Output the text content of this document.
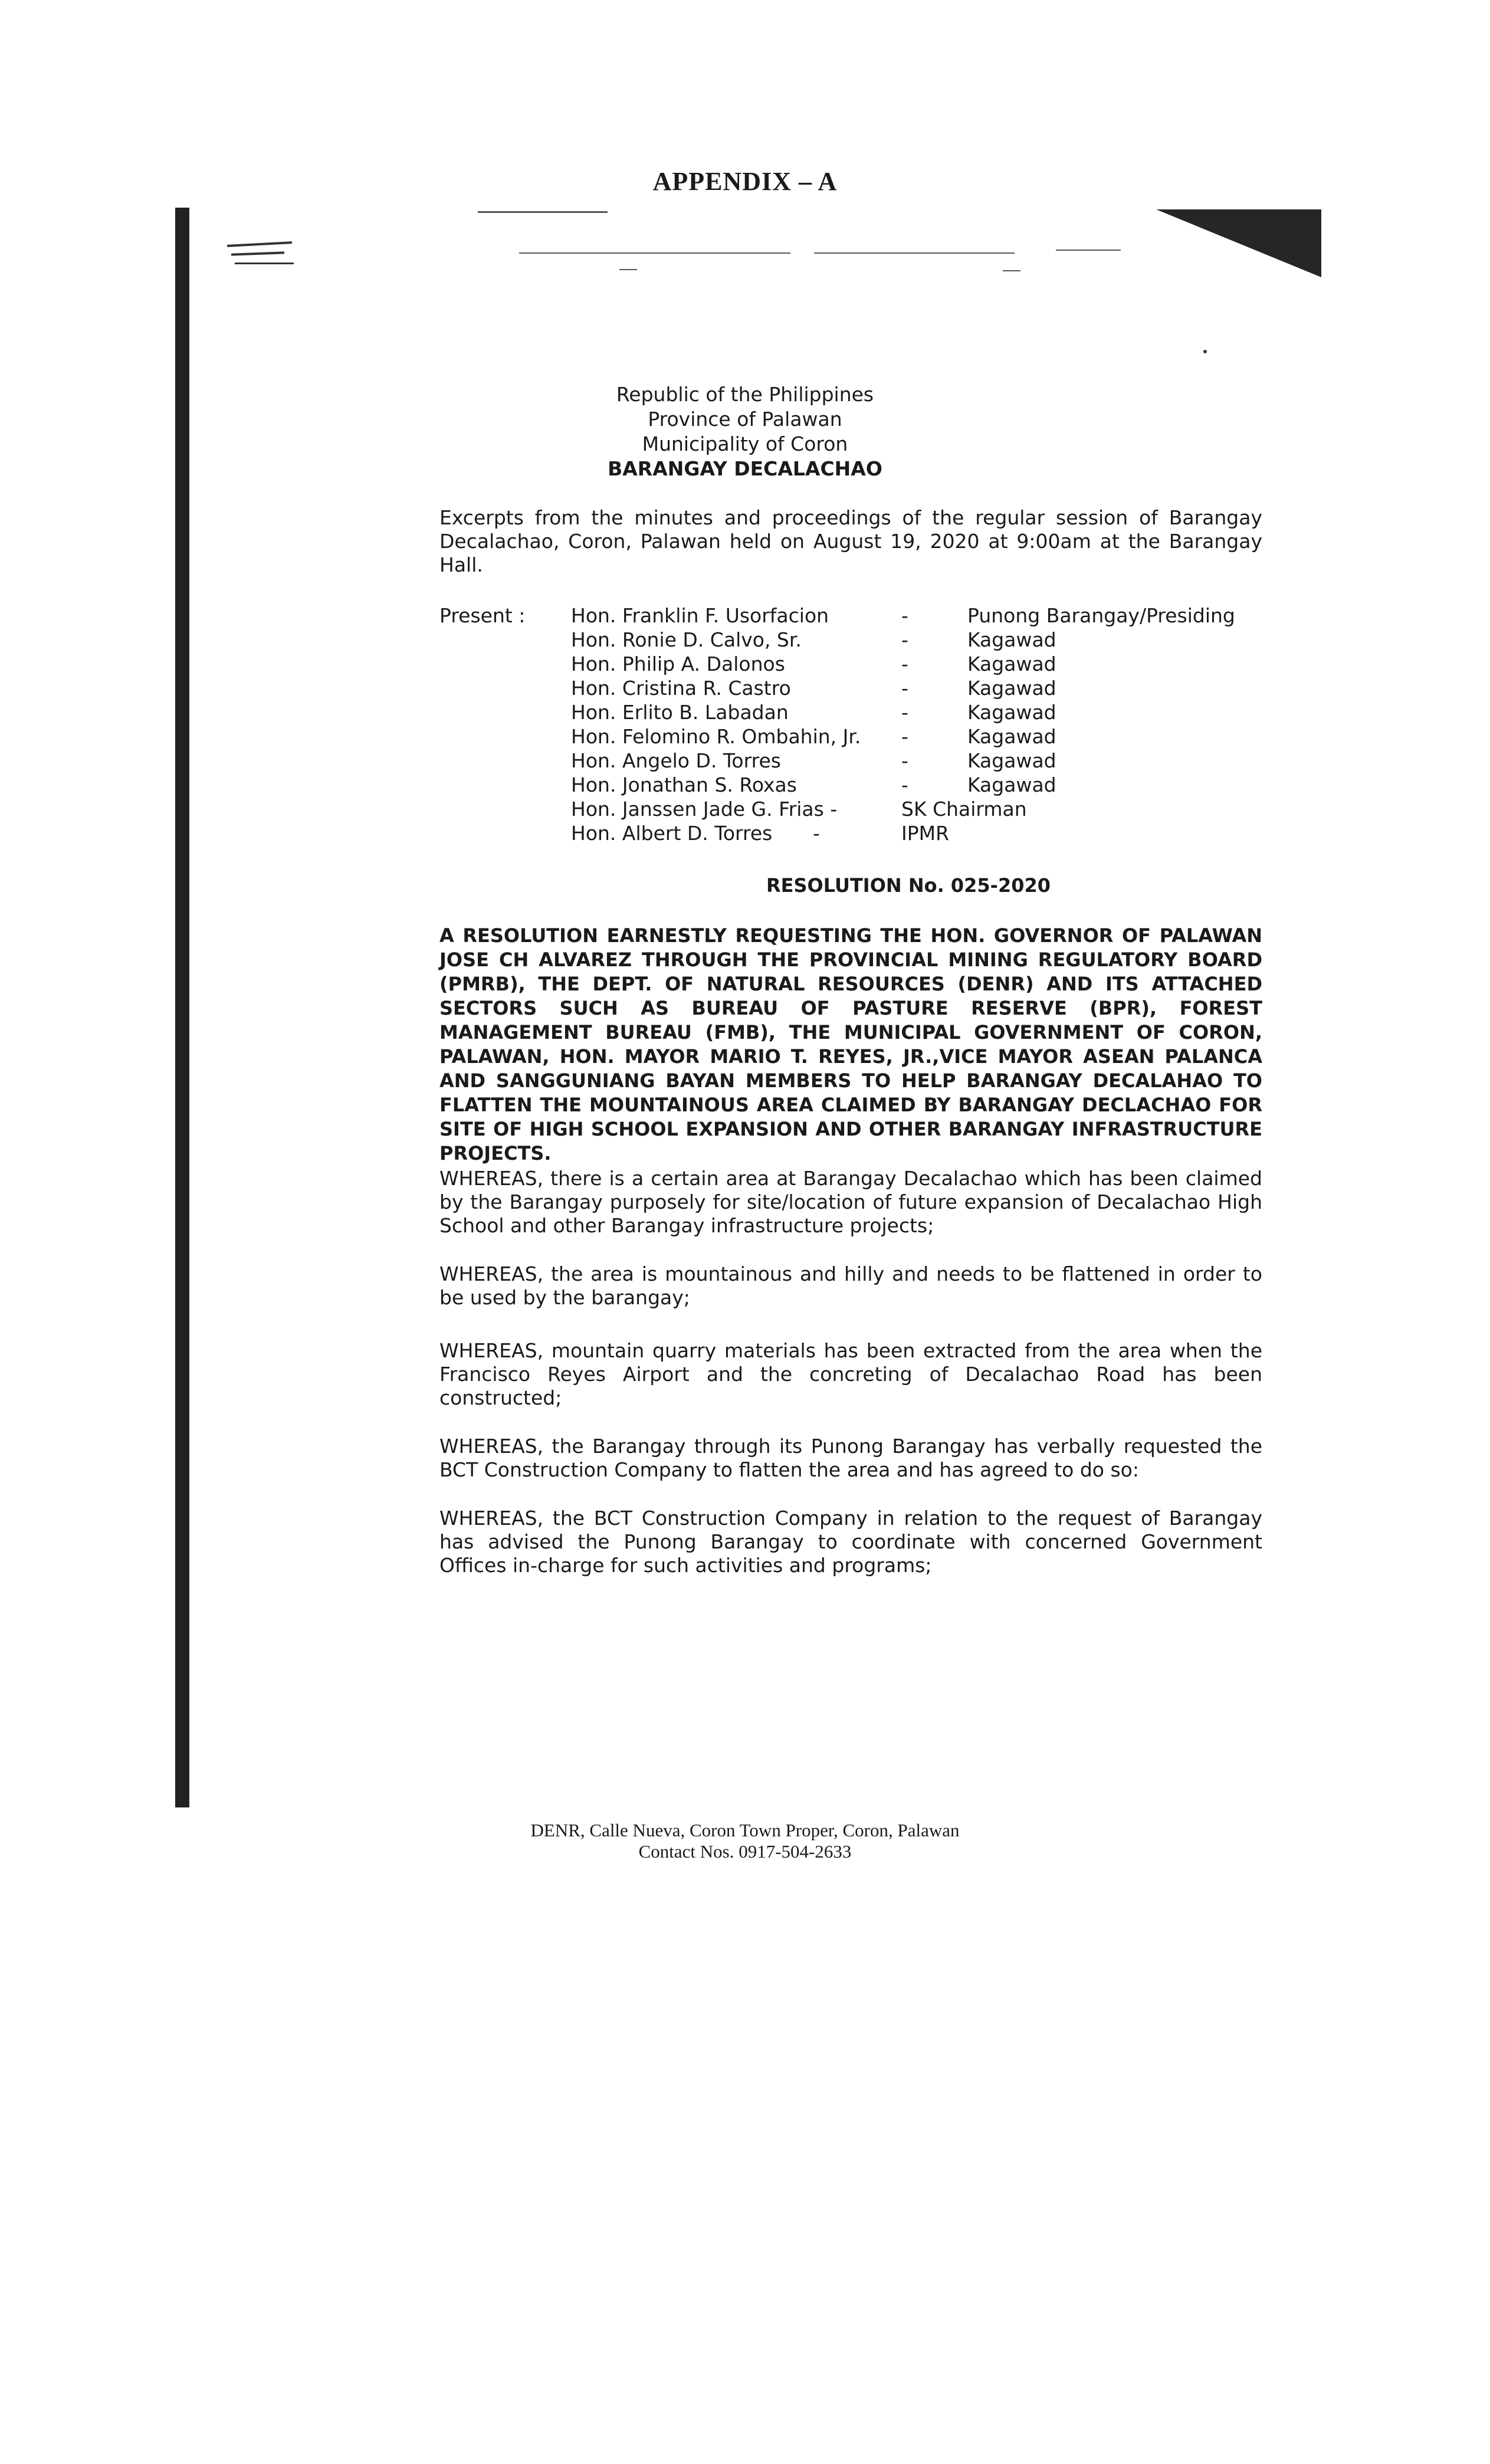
APPENDIX – A
Republic of the Philippines
Province of Palawan
Municipality of Coron
BARANGAY DECALACHAO
Excerpts from the minutes and proceedings of the regular session of Barangay Decalachao, Coron, Palawan held on August 19, 2020 at 9:00am at the Barangay Hall.
Present : Hon. Franklin F. Usorfacion	-	Punong Barangay/Presiding
Hon. Ronie D. Calvo, Sr.	-	Kagawad
Hon. Philip A. Dalonos	-	Kagawad
Hon. Cristina R. Castro	-	Kagawad
Hon. Erlito B. Labadan	-	Kagawad
Hon. Felomino R. Ombahin, Jr.	-	Kagawad
Hon. Angelo D. Torres	-	Kagawad
Hon. Jonathan S. Roxas	-	Kagawad
Hon. Janssen Jade G. Frias -	SK Chairman
Hon. Albert D. Torres	-	IPMR
RESOLUTION No. 025-2020
A RESOLUTION EARNESTLY REQUESTING THE HON. GOVERNOR OF PALAWAN JOSE CH ALVAREZ THROUGH THE PROVINCIAL MINING REGULATORY BOARD (PMRB), THE DEPT. OF NATURAL RESOURCES (DENR) AND ITS ATTACHED SECTORS SUCH AS BUREAU OF PASTURE RESERVE (BPR), FOREST MANAGEMENT BUREAU (FMB), THE MUNICIPAL GOVERNMENT OF CORON, PALAWAN, HON. MAYOR MARIO T. REYES, JR.,VICE MAYOR ASEAN PALANCA AND SANGGUNIANG BAYAN MEMBERS TO HELP BARANGAY DECALAHAO TO FLATTEN THE MOUNTAINOUS AREA CLAIMED BY BARANGAY DECLACHAO FOR SITE OF HIGH SCHOOL EXPANSION AND OTHER BARANGAY INFRASTRUCTURE PROJECTS.
WHEREAS, there is a certain area at Barangay Decalachao which has been claimed by the Barangay purposely for site/location of future expansion of Decalachao High School and other Barangay infrastructure projects;
WHEREAS, the area is mountainous and hilly and needs to be flattened in order to be used by the barangay;
WHEREAS, mountain quarry materials has been extracted from the area when the Francisco Reyes Airport and the concreting of Decalachao Road has been constructed;
WHEREAS, the Barangay through its Punong Barangay has verbally requested the BCT Construction Company to flatten the area and has agreed to do so:
WHEREAS, the BCT Construction Company in relation to the request of Barangay has advised the Punong Barangay to coordinate with concerned Government Offices in-charge for such activities and programs;
DENR, Calle Nueva, Coron Town Proper, Coron, Palawan
Contact Nos. 0917-504-2633
